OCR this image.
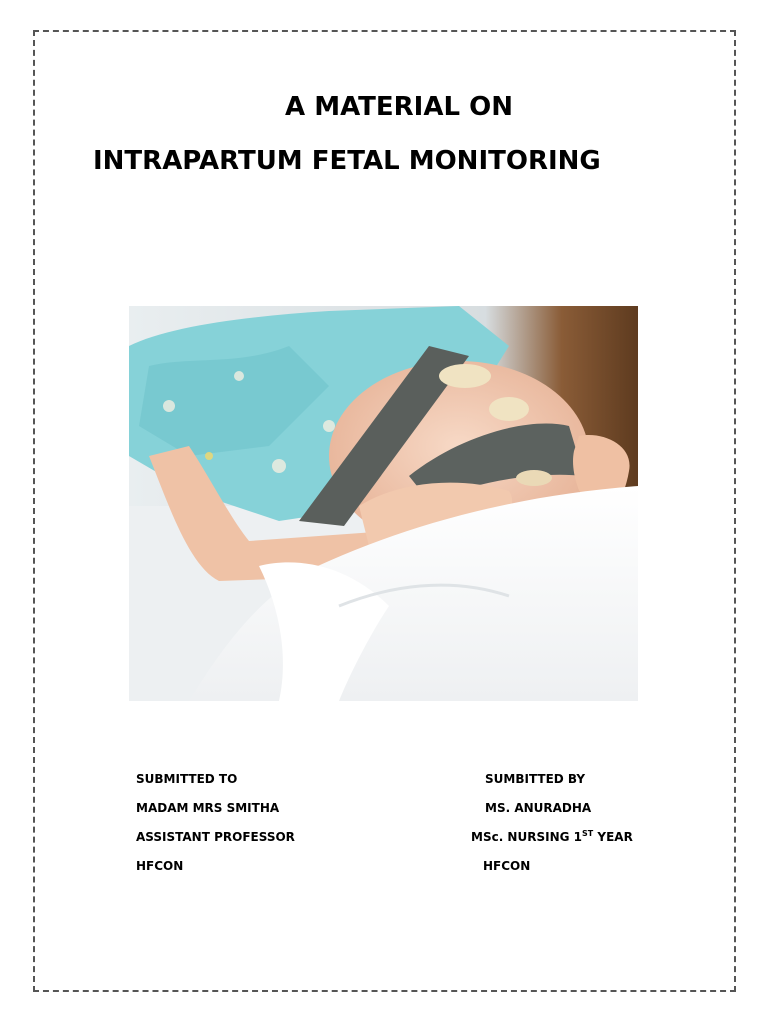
A MATERIAL ON
INTRAPARTUM FETAL MONITORING
SUBMITTED TO
MADAM MRS SMITHA
ASSISTANT PROFESSOR
HFCON
SUMBITTED BY
MS. ANURADHA
MSc. NURSING 1ST YEAR
HFCON
